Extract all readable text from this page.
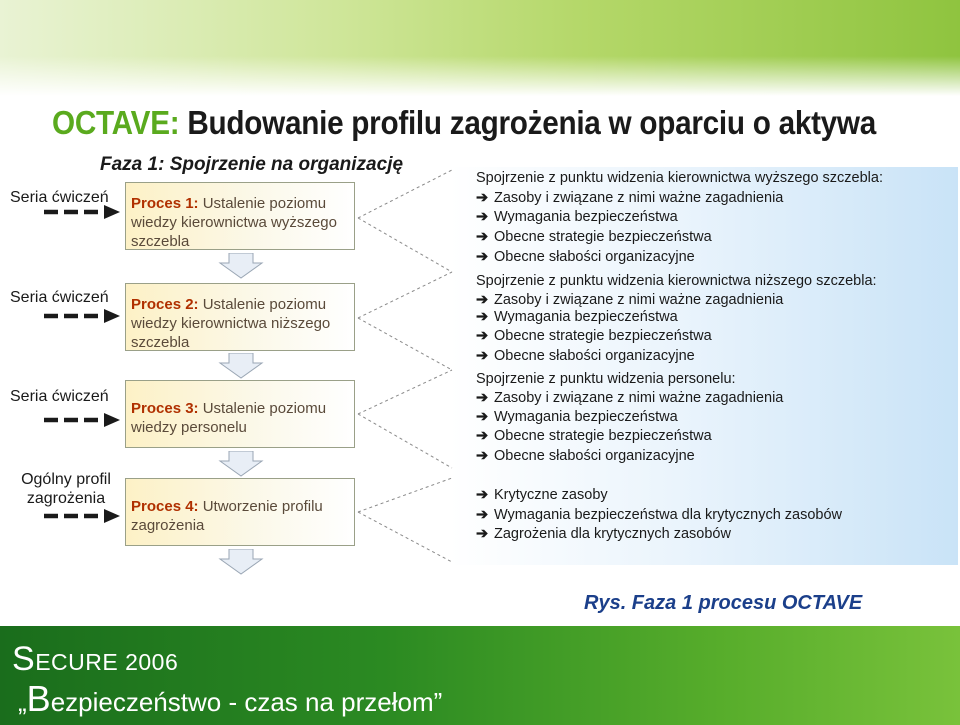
OCTAVE: Budowanie profilu zagrożenia w oparciu o aktywa
Faza 1: Spojrzenie na organizację
Seria ćwiczeń
Seria ćwiczeń
Seria ćwiczeń
Ogólny profil zagrożenia
Proces 1: Ustalenie poziomu wiedzy kierownictwa wyższego szczebla
Proces 2: Ustalenie poziomu wiedzy kierownictwa niższego szczebla
Proces 3: Ustalenie poziomu wiedzy personelu
Proces 4: Utworzenie profilu zagrożenia
Spojrzenie z punktu widzenia kierownictwa wyższego szczebla:
➔ Zasoby i związane z nimi ważne zagadnienia
➔ Wymagania bezpieczeństwa
➔ Obecne strategie bezpieczeństwa
➔ Obecne słabości organizacyjne
Spojrzenie z punktu widzenia kierownictwa niższego szczebla:
➔ Zasoby i związane z nimi ważne zagadnienia
➔ Wymagania bezpieczeństwa
➔ Obecne strategie bezpieczeństwa
➔ Obecne słabości organizacyjne
Spojrzenie z punktu widzenia personelu:
➔ Zasoby i związane z nimi ważne zagadnienia
➔ Wymagania bezpieczeństwa
➔ Obecne strategie bezpieczeństwa
➔ Obecne słabości organizacyjne
➔ Krytyczne zasoby
➔ Wymagania bezpieczeństwa dla krytycznych zasobów
➔ Zagrożenia dla krytycznych zasobów
Rys. Faza 1 procesu OCTAVE
SECURE 2006
„Bezpieczeństwo - czas na przełom”
